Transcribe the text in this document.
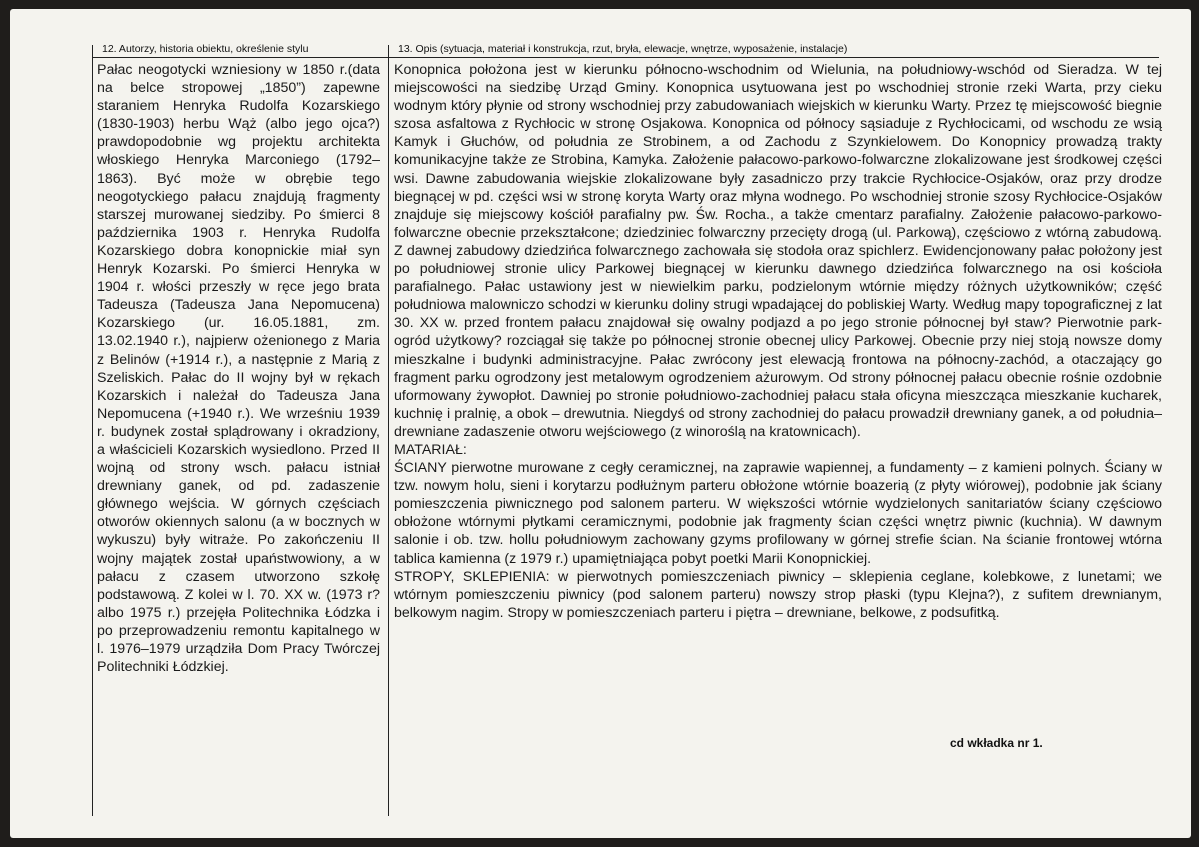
12. Autorzy, historia obiektu, określenie stylu	13. Opis (sytuacja, materiał i konstrukcja, rzut, bryła, elewacje, wnętrze, wyposażenie, instalacje)

Pałac neogotycki wzniesiony w 1850 r.(data na belce stropowej „1850”) zapewne staraniem Henryka Rudolfa Kozarskiego (1830-1903) herbu Wąż (albo jego ojca?) prawdopodobnie wg projektu architekta włoskiego Henryka Marconiego (1792–1863). Być może w obrębie tego neogotyckiego pałacu znajdują fragmenty starszej murowanej siedziby. Po śmierci 8 października 1903 r. Henryka Rudolfa Kozarskiego dobra konopnickie miał syn Henryk Kozarski. Po śmierci Henryka w 1904 r. włości przeszły w ręce jego brata Tadeusza (Tadeusza Jana Nepomucena) Kozarskiego (ur. 16.05.1881, zm. 13.02.1940 r.), najpierw ożenionego z Maria z Belinów (+1914 r.), a następnie z Marią z Szeliskich. Pałac do II wojny był w rękach Kozarskich i należał do Tadeusza Jana Nepomucena (+1940 r.). We wrześniu 1939 r. budynek został splądrowany i okradziony, a właścicieli Kozarskich wysiedlono. Przed II wojną od strony wsch. pałacu istniał drewniany ganek, od pd. zadaszenie głównego wejścia. W górnych częściach otworów okiennych salonu (a w bocznych w wykuszu) były witraże. Po zakończeniu II wojny majątek został upaństwowiony, a w pałacu z czasem utworzono szkołę podstawową. Z kolei w l. 70. XX w. (1973 r? albo 1975 r.) przejęła Politechnika Łódzka i po przeprowadzeniu remontu kapitalnego w l. 1976–1979 urządziła Dom Pracy Twórczej Politechniki Łódzkiej.

Konopnica położona jest w kierunku północno-wschodnim od Wielunia, na południowy-wschód od Sieradza. W tej miejscowości na siedzibę Urząd Gminy. Konopnica usytuowana jest po wschodniej stronie rzeki Warta, przy cieku wodnym który płynie od strony wschodniej przy zabudowaniach wiejskich w kierunku Warty. Przez tę miejscowość biegnie szosa asfaltowa z Rychłocic w stronę Osjakowa. Konopnica od północy sąsiaduje z Rychłocicami, od wschodu ze wsią Kamyk i Głuchów, od południa ze Strobinem, a od Zachodu z Szynkielowem. Do Konopnicy prowadzą trakty komunikacyjne także ze Strobina, Kamyka. Założenie pałacowo-parkowo-folwarczne zlokalizowane jest środkowej części wsi. Dawne zabudowania wiejskie zlokalizowane były zasadniczo przy trakcie Rychłocice-Osjaków, oraz przy drodze biegnącej w pd. części wsi w stronę koryta Warty oraz młyna wodnego. Po wschodniej stronie szosy Rychłocice-Osjaków znajduje się miejscowy kościół parafialny pw. Św. Rocha., a także cmentarz parafialny. Założenie pałacowo-parkowo-folwarczne obecnie przekształcone; dziedziniec folwarczny przecięty drogą (ul. Parkową), częściowo z wtórną zabudową. Z dawnej zabudowy dziedzińca folwarcznego zachowała się stodoła oraz spichlerz. Ewidencjonowany pałac położony jest po południowej stronie ulicy Parkowej biegnącej w kierunku dawnego dziedzińca folwarcznego na osi kościoła parafialnego. Pałac ustawiony jest w niewielkim parku, podzielonym wtórnie między różnych użytkowników; część południowa malowniczo schodzi w kierunku doliny strugi wpadającej do pobliskiej Warty. Według mapy topograficznej z lat 30. XX w. przed frontem pałacu znajdował się owalny podjazd a po jego stronie północnej był staw? Pierwotnie park- ogród użytkowy? rozciągał się także po północnej stronie obecnej ulicy Parkowej. Obecnie przy niej stoją nowsze domy mieszkalne i budynki administracyjne. Pałac zwrócony jest elewacją frontowa na północny-zachód, a otaczający go fragment parku ogrodzony jest metalowym ogrodzeniem ażurowym. Od strony północnej pałacu obecnie rośnie ozdobnie uformowany żywopłot. Dawniej po stronie południowo-zachodniej pałacu stała oficyna mieszcząca mieszkanie kucharek, kuchnię i pralnię, a obok – drewutnia. Niegdyś od strony zachodniej do pałacu prowadził drewniany ganek, a od południa– drewniane zadaszenie otworu wejściowego (z winoroślą na kratownicach).

MATARIAŁ:

ŚCIANY pierwotne murowane z cegły ceramicznej, na zaprawie wapiennej, a fundamenty – z kamieni polnych. Ściany w tzw. nowym holu, sieni i korytarzu podłużnym parteru obłożone wtórnie boazerią (z płyty wiórowej), podobnie jak ściany pomieszczenia piwnicznego pod salonem parteru. W większości wtórnie wydzielonych sanitariatów ściany częściowo obłożone wtórnymi płytkami ceramicznymi, podobnie jak fragmenty ścian części wnętrz piwnic (kuchnia). W dawnym salonie i ob. tzw. hollu południowym zachowany gzyms profilowany w górnej strefie ścian. Na ścianie frontowej wtórna tablica kamienna (z 1979 r.) upamiętniająca pobyt poetki Marii Konopnickiej.

STROPY, SKLEPIENIA: w pierwotnych pomieszczeniach piwnicy – sklepienia ceglane, kolebkowe, z lunetami; we wtórnym pomieszczeniu piwnicy (pod salonem parteru) nowszy strop płaski (typu Klejna?), z sufitem drewnianym, belkowym nagim. Stropy w pomieszczeniach parteru i piętra – drewniane, belkowe, z podsufitką.

cd wkładka nr 1.
